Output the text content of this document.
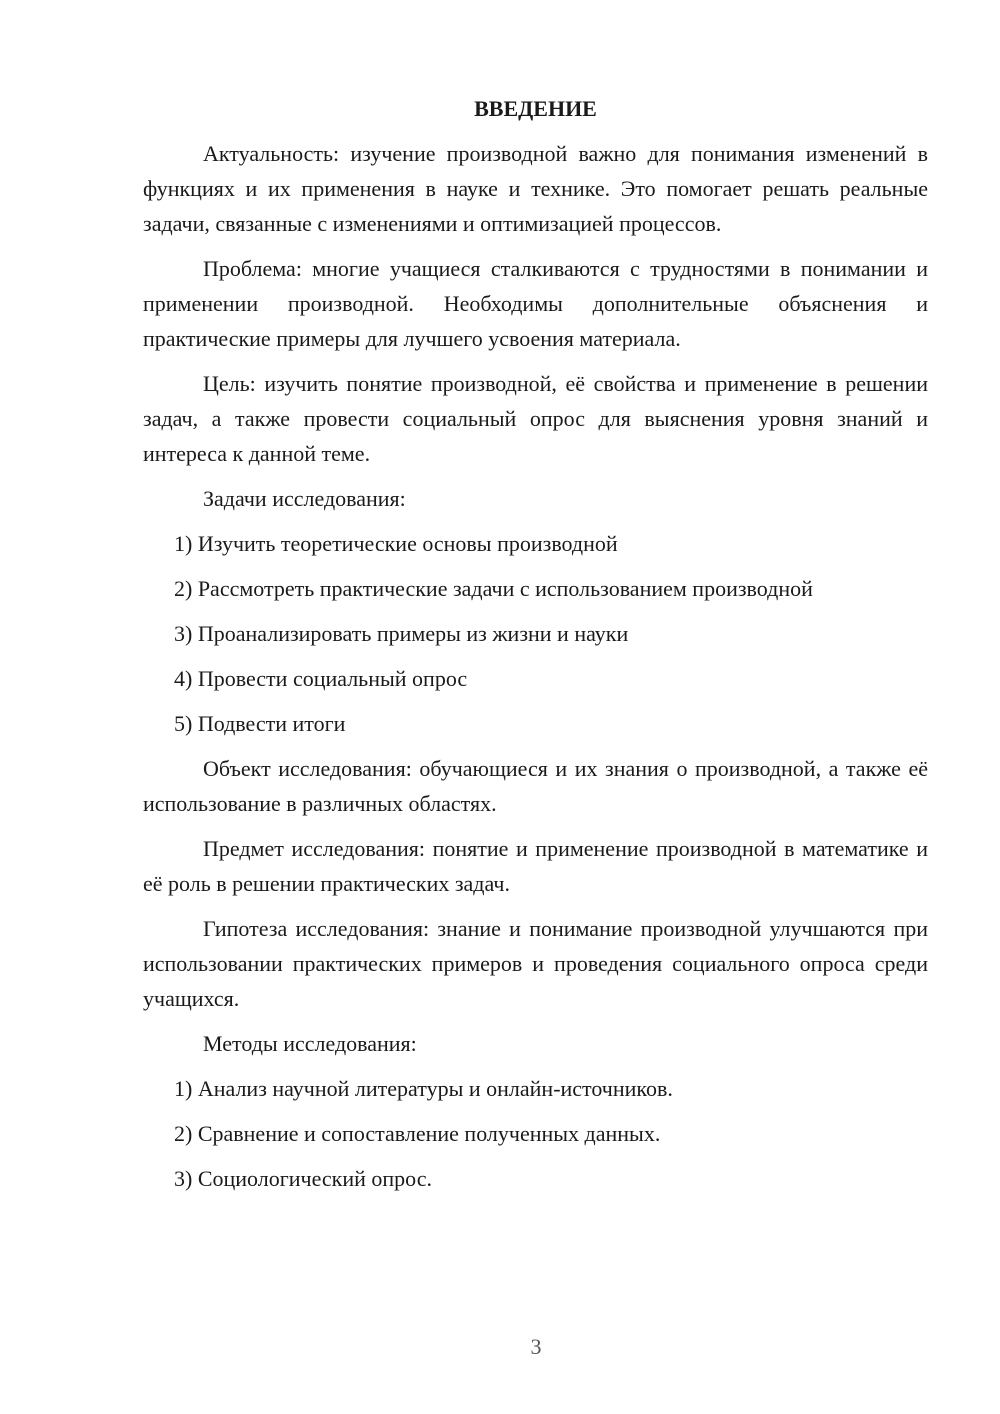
ВВЕДЕНИЕ

Актуальность: изучение производной важно для понимания изменений в функциях и их применения в науке и технике. Это помогает решать реальные задачи, связанные с изменениями и оптимизацией процессов.

Проблема: многие учащиеся сталкиваются с трудностями в понимании и применении производной. Необходимы дополнительные объяснения и практические примеры для лучшего усвоения материала.

Цель: изучить понятие производной, её свойства и применение в решении задач, а также провести социальный опрос для выяснения уровня знаний и интереса к данной теме.

Задачи исследования:

1) Изучить теоретические основы производной
2) Рассмотреть практические задачи с использованием производной
3) Проанализировать примеры из жизни и науки
4) Провести социальный опрос
5) Подвести итоги

Объект исследования: обучающиеся и их знания о производной, а также её использование в различных областях.

Предмет исследования: понятие и применение производной в математике и её роль в решении практических задач.

Гипотеза исследования: знание и понимание производной улучшаются при использовании практических примеров и проведения социального опроса среди учащихся.

Методы исследования:

1) Анализ научной литературы и онлайн-источников.
2) Сравнение и сопоставление полученных данных.
3) Социологический опрос.
3
